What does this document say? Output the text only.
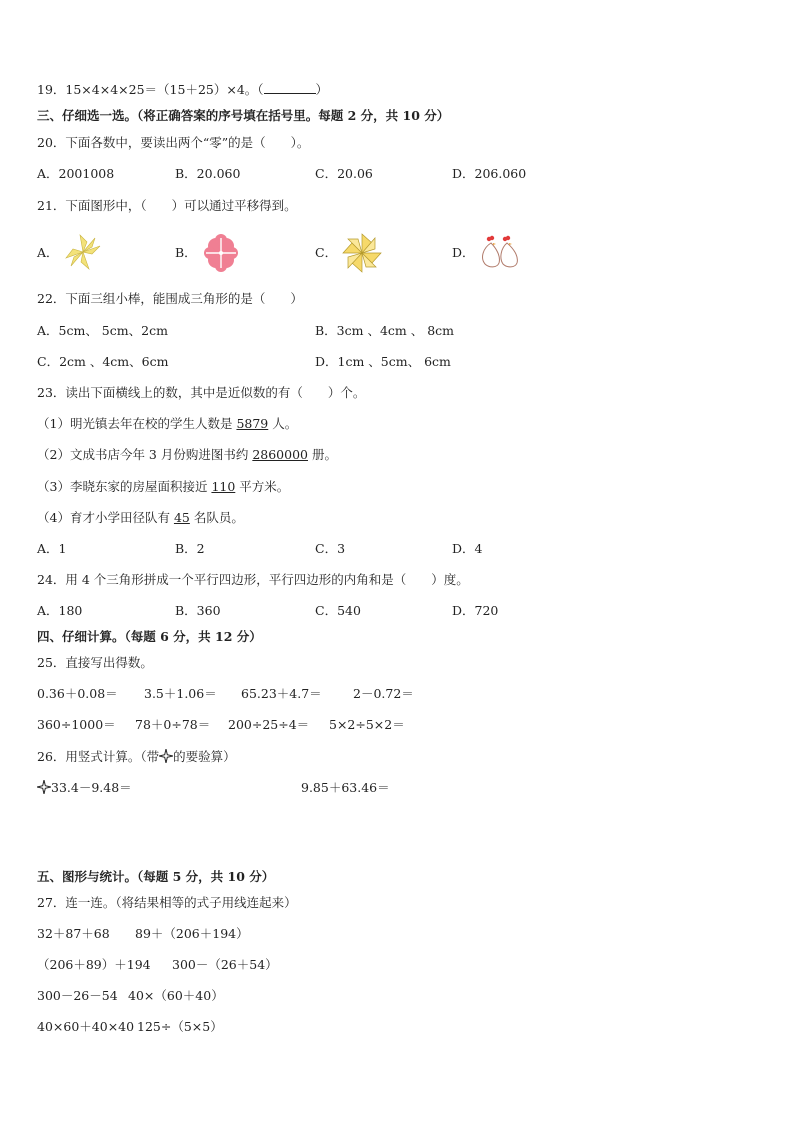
19．15×4×4×25＝（15＋25）×4。（	）
三、仔细选一选。（将正确答案的序号填在括号里。每题 2 分，共 10 分）
20．下面各数中，要读出两个“零”的是（　　）。
A．2001008	B．20.060	C．20.06	D．206.060
21．下面图形中，（　　）可以通过平移得到。
A．	B．	C．	D．
22．下面三组小棒，能围成三角形的是（　　）
A．5cm、 5cm、2cm	B．3cm 、4cm 、 8cm
C．2cm 、4cm、6cm	D．1cm 、5cm、 6cm
23．读出下面横线上的数，其中是近似数的有（　　）个。
（1）明光镇去年在校的学生人数是 5879 人。
（2）文成书店今年 3 月份购进图书约 2860000 册。
（3）李晓东家的房屋面积接近 110 平方米。
（4）育才小学田径队有 45 名队员。
A．1	B．2	C．3	D．4
24．用 4 个三角形拼成一个平行四边形，平行四边形的内角和是（　　）度。
A．180	B．360	C．540	D．720
四、仔细计算。（每题 6 分，共 12 分）
25．直接写出得数。
0.36＋0.08＝ 3.5＋1.06＝ 65.23＋4.7＝	2－0.72＝
360÷1000＝ 78＋0÷78＝ 200÷25÷4＝ 5×2÷5×2＝
26．用竖式计算。（带 的要验算）
33.4－9.48＝	9.85＋63.46＝
五、图形与统计。（每题 5 分，共 10 分）
27．连一连。（将结果相等的式子用线连起来）
32＋87＋68 89＋（206＋194）
（206＋89）＋194 300－（26＋54）
300－26－54 40×（60＋40）
40×60＋40×40 125÷（5×5）
